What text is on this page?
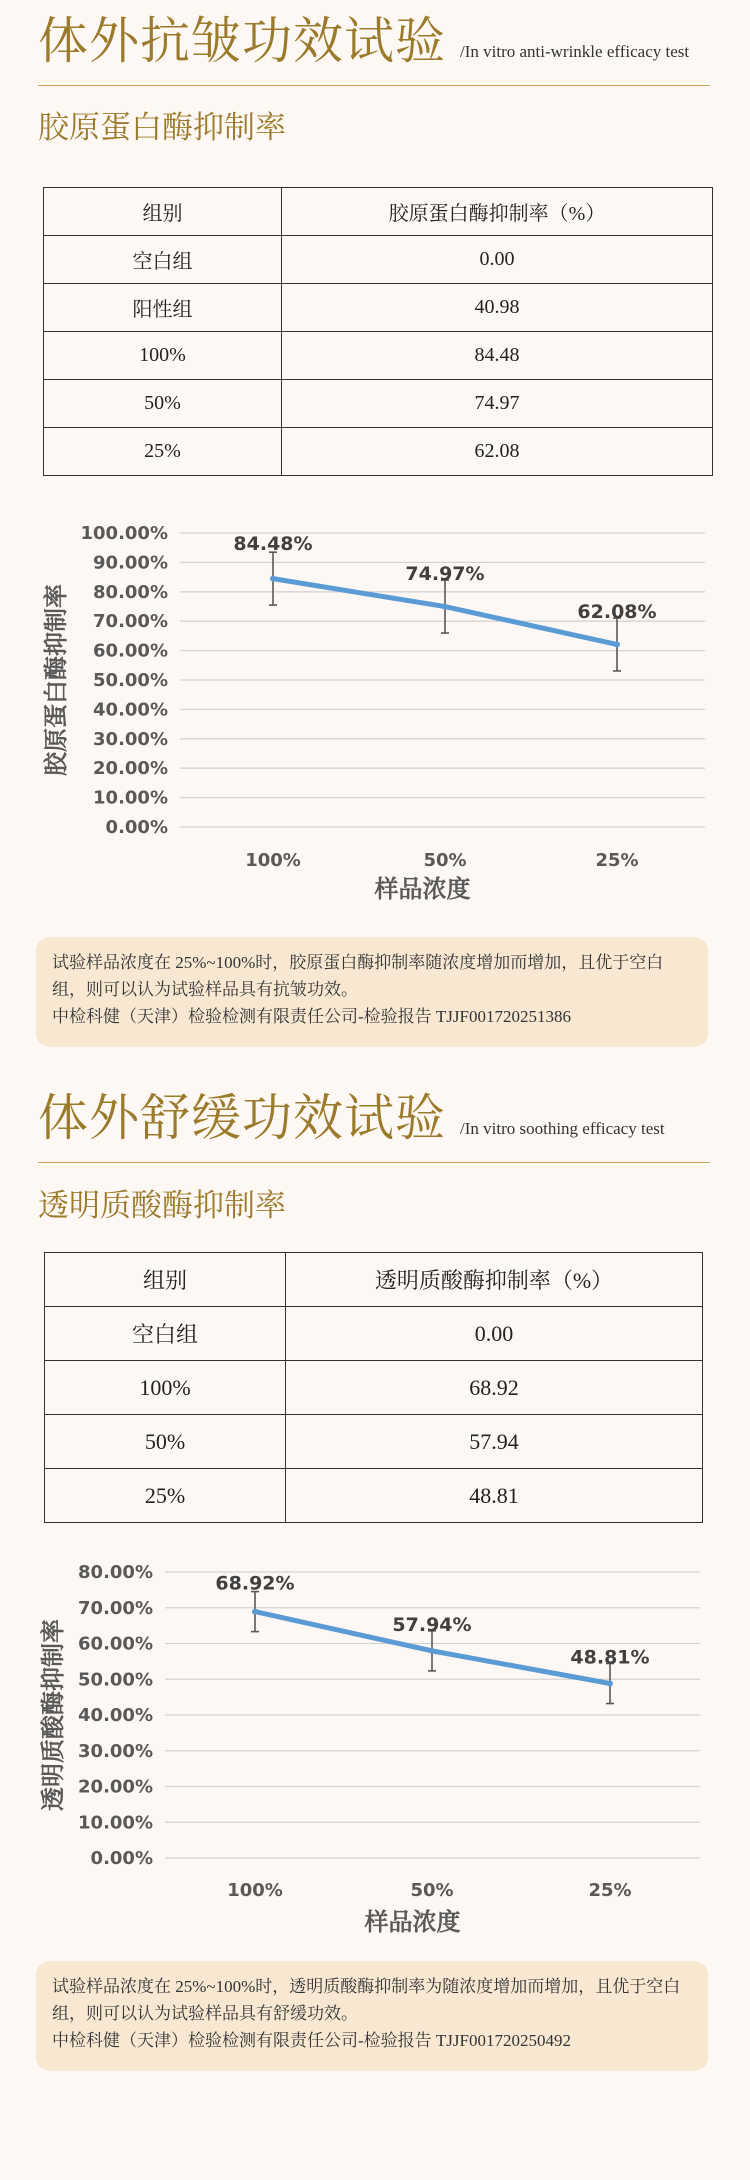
体外抗皱功效试验 /In vitro anti-wrinkle efficacy test
胶原蛋白酶抑制率
组别	胶原蛋白酶抑制率（%）
空白组	0.00
阳性组	40.98
100%	84.48
50%	74.97
25%	62.08
0.00%
10.00%
20.00%
30.00%
40.00%
50.00%
60.00%
70.00%
80.00%
90.00%
100.00%
100%	50%	25%
样品浓度
胶原蛋白酶抑制率
84.48%
74.97%
62.08%

试验样品浓度在 25%~100%时，胶原蛋白酶抑制率随浓度增加而增加，且优于空白组，则可以认为试验样品具有抗皱功效。

中检科健（天津）检验检测有限责任公司-检验报告 TJJF001720251386

体外舒缓功效试验 /In vitro soothing efficacy test
透明质酸酶抑制率
组别	透明质酸酶抑制率（%）
空白组	0.00
100%	68.92
50%	57.94
25%	48.81
0.00%
10.00%
20.00%
30.00%
40.00%
50.00%
60.00%
70.00%
80.00%
100%	50%	25%
样品浓度
透明质酸酶抑制率
68.92%
57.94%
48.81%

试验样品浓度在 25%~100%时，透明质酸酶抑制率为随浓度增加而增加，且优于空白组，则可以认为试验样品具有舒缓功效。

中检科健（天津）检验检测有限责任公司-检验报告 TJJF001720250492
